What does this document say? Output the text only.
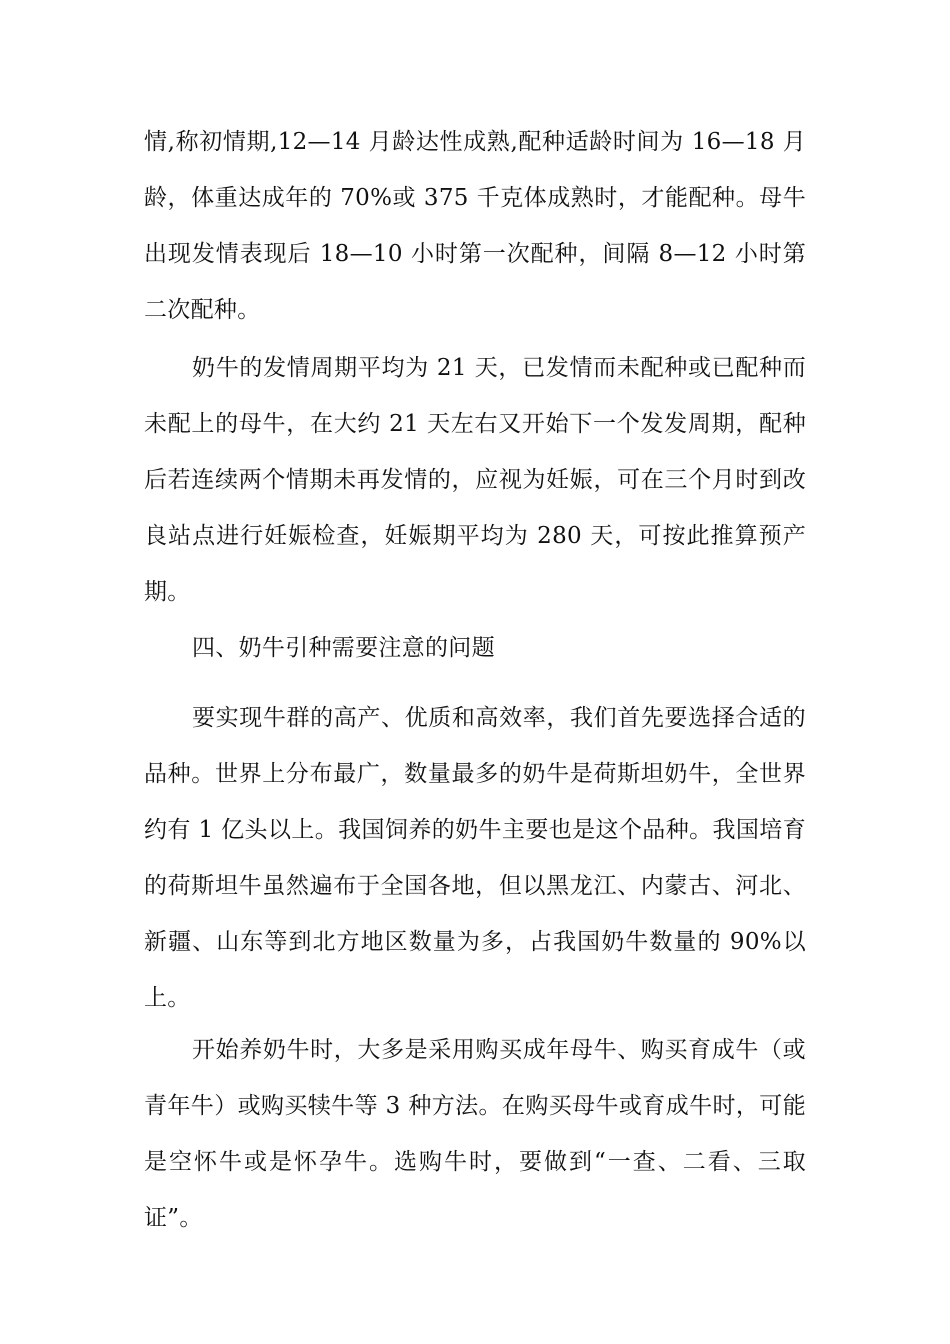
情,称初情期,12—14 月龄达性成熟,配种适龄时间为 16—18 月龄，体重达成年的 70%或 375 千克体成熟时，才能配种。母牛出现发情表现后 18—10 小时第一次配种，间隔 8—12 小时第二次配种。

奶牛的发情周期平均为 21 天，已发情而未配种或已配种而未配上的母牛，在大约 21 天左右又开始下一个发发周期，配种后若连续两个情期未再发情的，应视为妊娠，可在三个月时到改良站点进行妊娠检查，妊娠期平均为 280 天，可按此推算预产期。

四、奶牛引种需要注意的问题

要实现牛群的高产、优质和高效率，我们首先要选择合适的品种。世界上分布最广，数量最多的奶牛是荷斯坦奶牛，全世界约有 1 亿头以上。我国饲养的奶牛主要也是这个品种。我国培育的荷斯坦牛虽然遍布于全国各地，但以黑龙江、内蒙古、河北、新疆、山东等到北方地区数量为多，占我国奶牛数量的 90%以上。

开始养奶牛时，大多是采用购买成年母牛、购买育成牛（或青年牛）或购买犊牛等 3 种方法。在购买母牛或育成牛时，可能是空怀牛或是怀孕牛。选购牛时，要做到“一查、二看、三取证”。
